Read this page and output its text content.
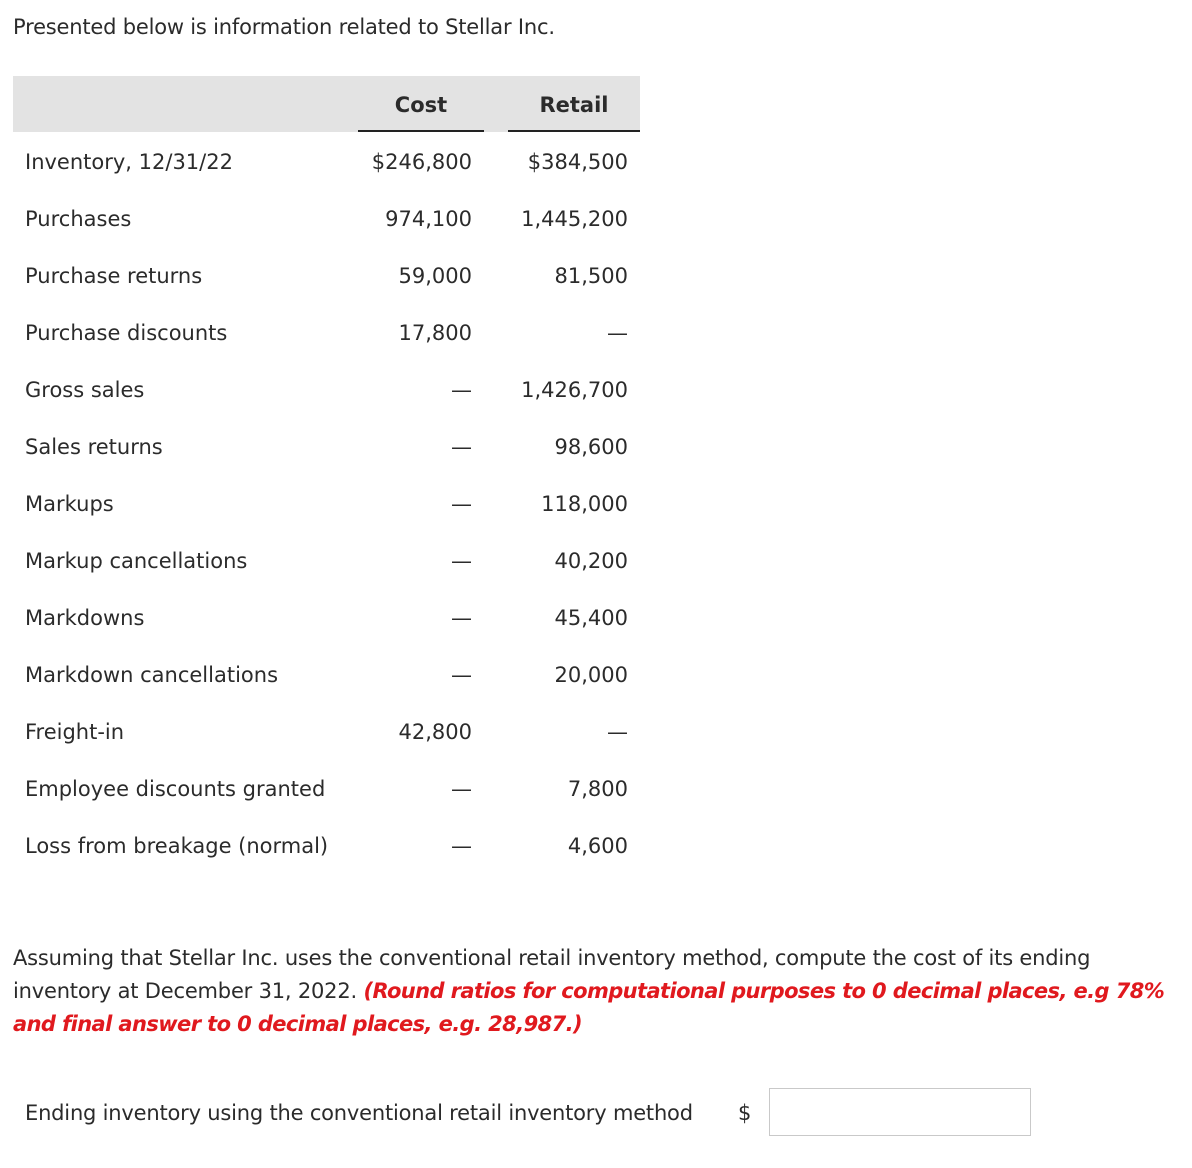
Presented below is information related to Stellar Inc.
Cost	Retail
Inventory, 12/31/22	$246,800	$384,500
Purchases	974,100	1,445,200
Purchase returns	59,000	81,500
Purchase discounts	17,800	—
Gross sales	—	1,426,700
Sales returns	—	98,600
Markups	—	118,000
Markup cancellations	—	40,200
Markdowns	—	45,400
Markdown cancellations	—	20,000
Freight-in	42,800	—
Employee discounts granted	—	7,800
Loss from breakage (normal)	—	4,600
Assuming that Stellar Inc. uses the conventional retail inventory method, compute the cost of its ending inventory at December 31, 2022. (Round ratios for computational purposes to 0 decimal places, e.g 78% and final answer to 0 decimal places, e.g. 28,987.)
Ending inventory using the conventional retail inventory method $
